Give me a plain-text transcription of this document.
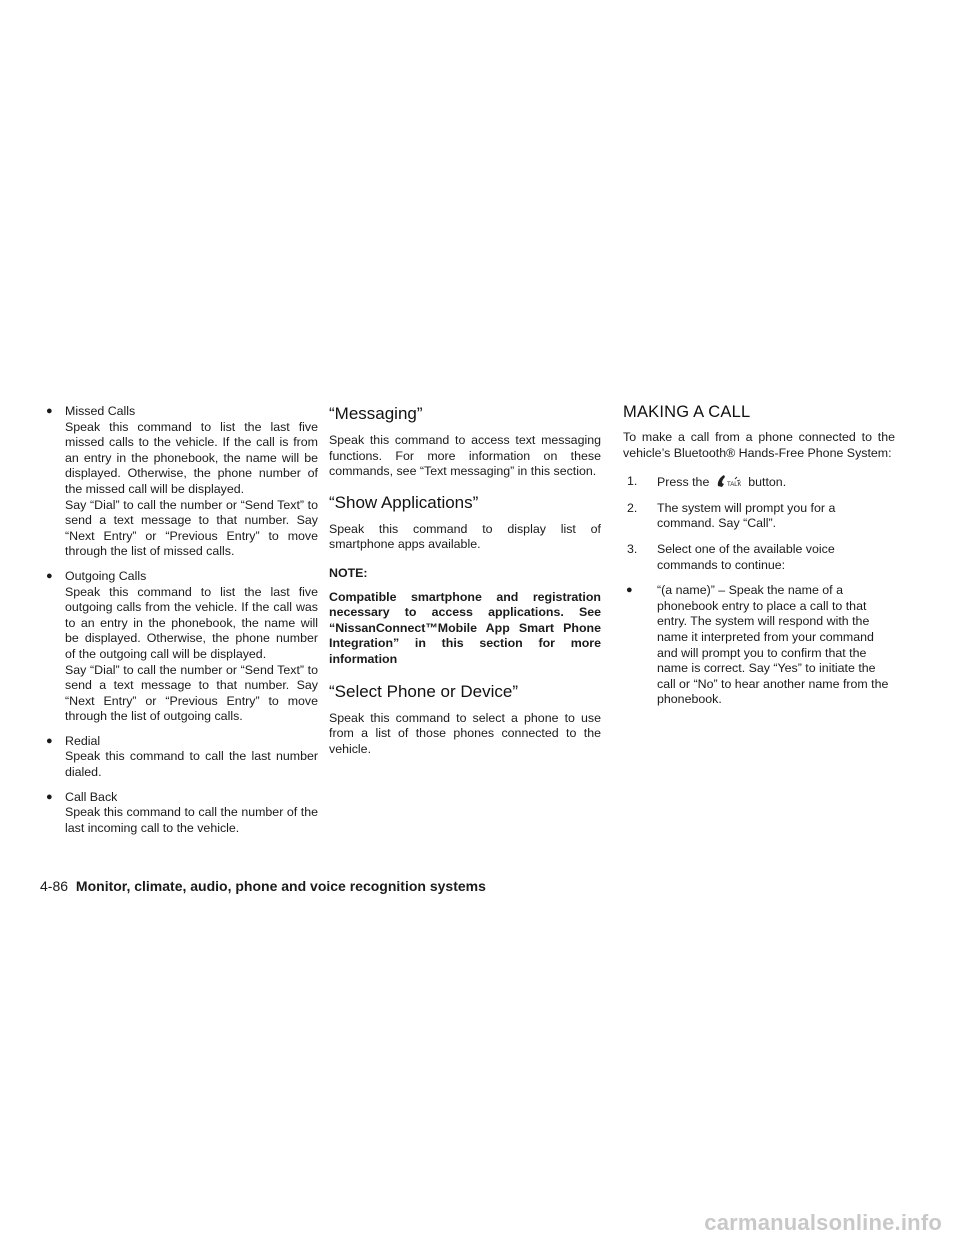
● Missed Calls
Speak this command to list the last five missed calls to the vehicle. If the call is from an entry in the phonebook, the name will be displayed. Otherwise, the phone number of the missed call will be displayed.
Say “Dial” to call the number or “Send Text” to send a text message to that number. Say “Next Entry” or “Previous Entry” to move through the list of missed calls.
● Outgoing Calls
Speak this command to list the last five outgoing calls from the vehicle. If the call was to an entry in the phonebook, the name will be displayed. Otherwise, the phone number of the outgoing call will be displayed.
Say “Dial” to call the number or “Send Text” to send a text message to that number. Say “Next Entry” or “Previous Entry” to move through the list of outgoing calls.
● Redial
Speak this command to call the last number dialed.
● Call Back
Speak this command to call the number of the last incoming call to the vehicle.
“Messaging”

Speak this command to access text messaging functions. For more information on these commands, see “Text messaging” in this section.

“Show Applications”

Speak this command to display list of smartphone apps available.

NOTE:
Compatible smartphone and registration necessary to access applications. See “NissanConnect™Mobile App Smart Phone Integration” in this section for more information
“Select Phone or Device”

Speak this command to select a phone to use from a list of those phones connected to the vehicle.

MAKING A CALL

To make a call from a phone connected to the vehicle’s Bluetooth® Hands-Free Phone System:

1. Press the	TALK button.
2. The system will prompt you for a command. Say “Call”.
3. Select one of the available voice commands to continue:
● “(a name)” – Speak the name of a phonebook entry to place a call to that entry. The system will respond with the name it interpreted from your command and will prompt you to confirm that the name is correct. Say “Yes” to initiate the call or “No” to hear another name from the phonebook.
4-86 Monitor, climate, audio, phone and voice recognition systems
carmanualsonline.info
